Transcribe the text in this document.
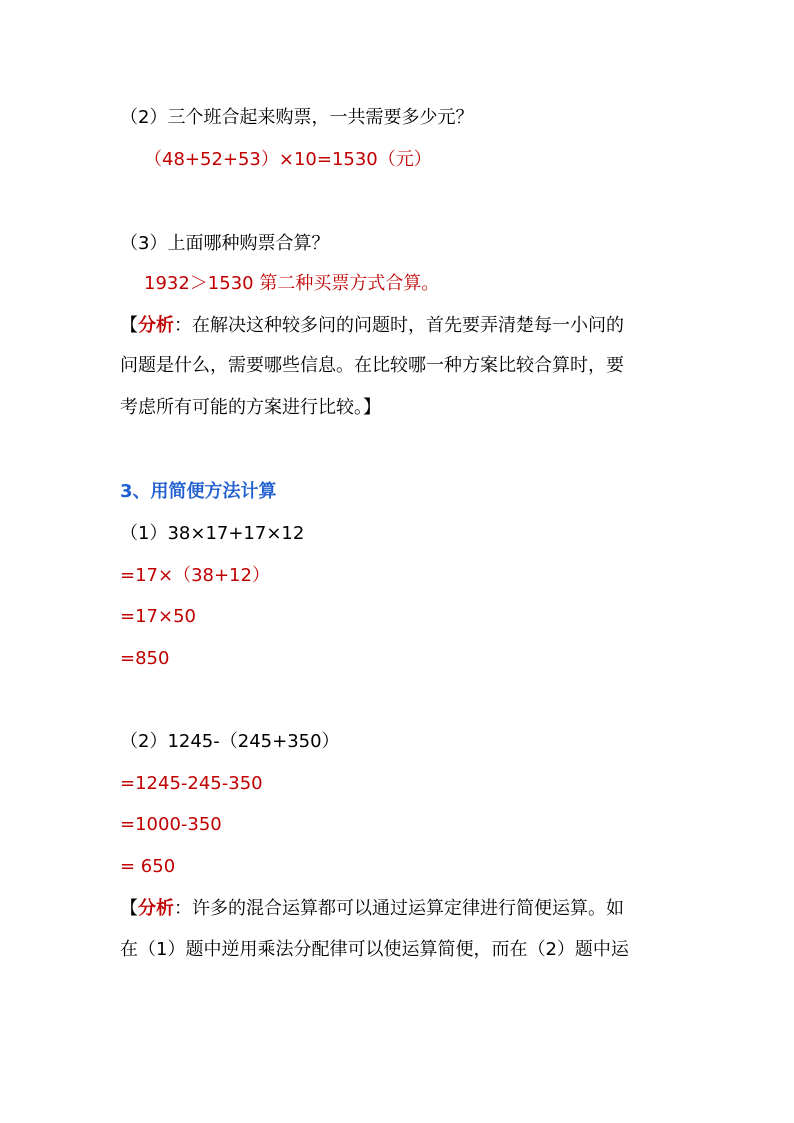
（2）三个班合起来购票，一共需要多少元？
（48+52+53）×10=1530（元）
（3）上面哪种购票合算？
1932＞1530 第二种买票方式合算。
【分析：在解决这种较多问的问题时，首先要弄清楚每一小问的
问题是什么，需要哪些信息。在比较哪一种方案比较合算时，要
考虑所有可能的方案进行比较。】
3、用简便方法计算
（1）38×17+17×12
=17×（38+12）
=17×50
=850
（2）1245-（245+350）
=1245-245-350
=1000-350
= 650
【分析：许多的混合运算都可以通过运算定律进行简便运算。如
在（1）题中逆用乘法分配律可以使运算简便，而在（2）题中运
